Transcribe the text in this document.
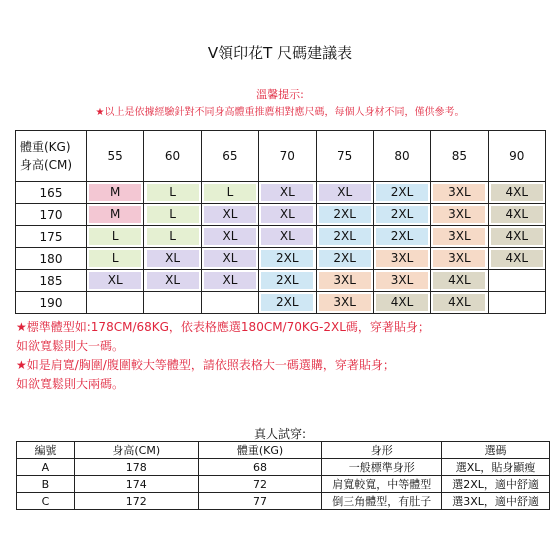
V領印花T 尺碼建議表
溫馨提示:
★以上是依據經驗針對不同身高體重推薦相對應尺碼，每個人身材不同，僅供參考。
體重(KG)
身高(CM)	55	60	65	70	75	80	85	90
165	M	L	L	XL	XL	2XL	3XL	4XL
170	M	L	XL	XL	2XL	2XL	3XL	4XL
175	L	L	XL	XL	2XL	2XL	3XL	4XL
180	L	XL	XL	2XL	2XL	3XL	3XL	4XL
185	XL	XL	XL	2XL	3XL	3XL	4XL	
190				2XL	3XL	4XL	4XL	
★標準體型如:178CM/68KG，依表格應選180CM/70KG-2XL碼，穿著貼身；
如欲寬鬆則大一碼。
★如是肩寬/胸圍/腹圍較大等體型，請依照表格大一碼選購，穿著貼身；
如欲寬鬆則大兩碼。
真人試穿:
編號	身高(CM)	體重(KG)	身形	選碼
A	178	68	一般標準身形	選XL，貼身顯瘦
B	174	72	肩寬較寬，中等體型	選2XL，適中舒適
C	172	77	倒三角體型，有肚子	選3XL，適中舒適
